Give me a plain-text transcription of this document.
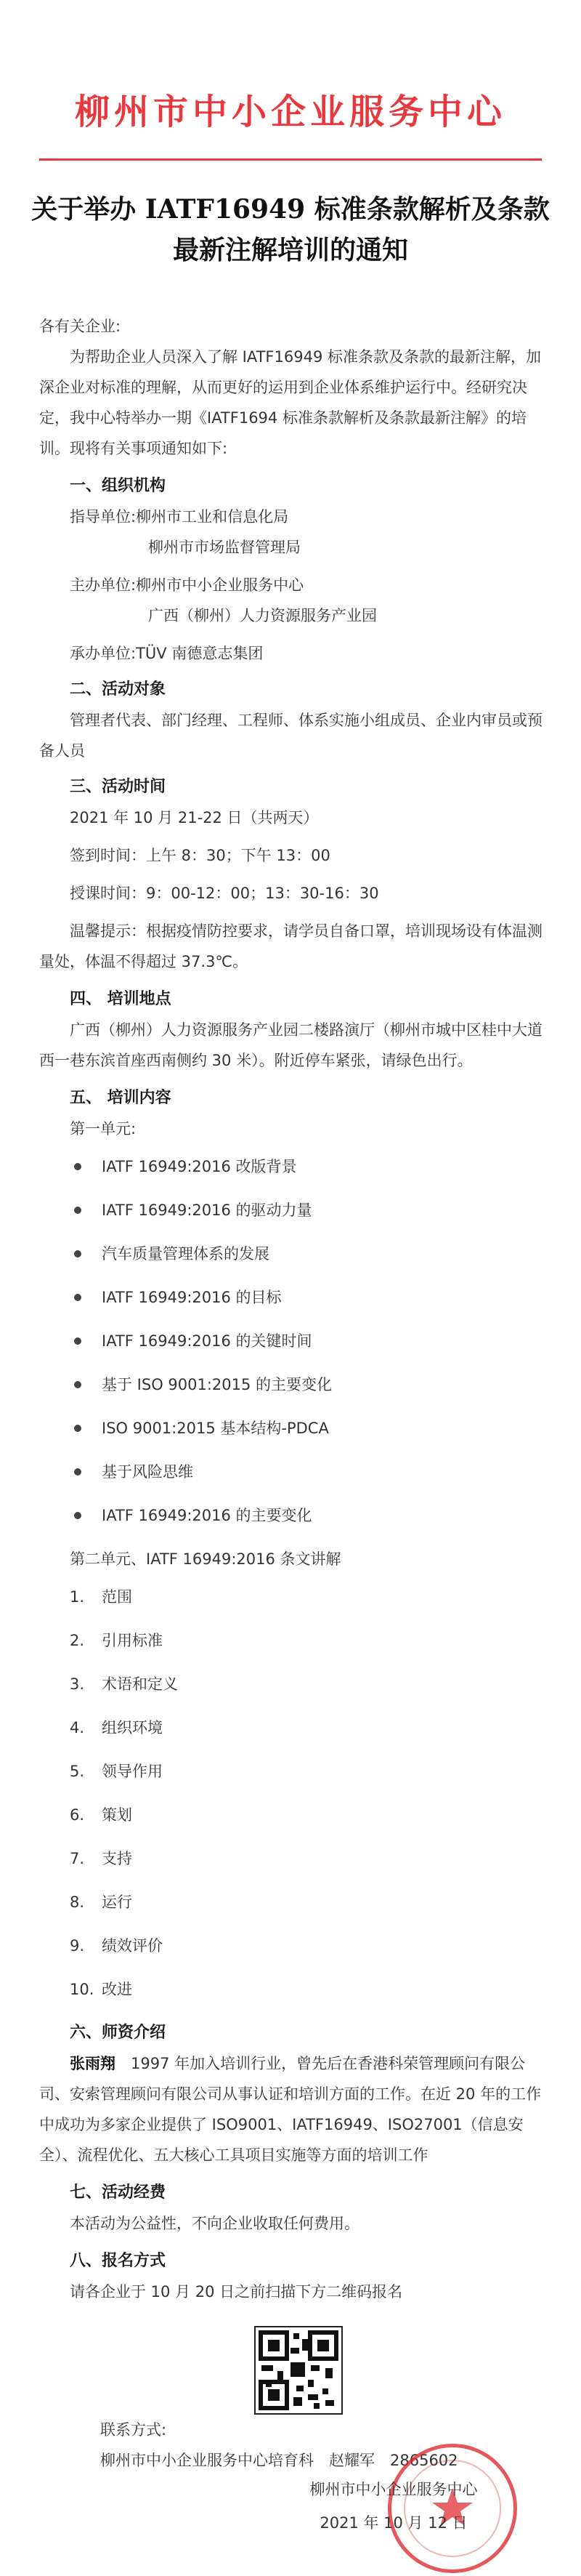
柳州市中小企业服务中心
关于举办 IATF16949 标准条款解析及条款
最新注解培训的通知

各有关企业:

为帮助企业人员深入了解 IATF16949 标准条款及条款的最新注解，加深企业对标准的理解，从而更好的运用到企业体系维护运行中。经研究决定，我中心特举办一期《IATF1694 标准条款解析及条款最新注解》的培训。现将有关事项通知如下:

一、组织机构

指导单位:柳州市工业和信息化局

柳州市市场监督管理局

主办单位:柳州市中小企业服务中心

广西（柳州）人力资源服务产业园

承办单位:TÜV 南德意志集团

二、活动对象

管理者代表、部门经理、工程师、体系实施小组成员、企业内审员或预备人员

三、活动时间

2021 年 10 月 21-22 日（共两天）

签到时间：上午 8：30；下午 13：00

授课时间：9：00-12：00；13：30-16：30

温馨提示：根据疫情防控要求，请学员自备口罩，培训现场设有体温测量处，体温不得超过 37.3℃。

四、 培训地点

广西（柳州）人力资源服务产业园二楼路演厅（柳州市城中区桂中大道西一巷东滨首座西南侧约 30 米）。附近停车紧张，请绿色出行。

五、 培训内容

第一单元:

IATF 16949:2016 改版背景
IATF 16949:2016 的驱动力量
汽车质量管理体系的发展
IATF 16949:2016 的目标
IATF 16949:2016 的关键时间
基于 ISO 9001:2015 的主要变化
ISO 9001:2015 基本结构-PDCA
基于风险思维
IATF 16949:2016 的主要变化

第二单元、IATF 16949:2016 条文讲解

1.	范围
2.	引用标准
3.	术语和定义
4.	组织环境
5.	领导作用
6.	策划
7.	支持
8.	运行
9.	绩效评价
10. 改进

六、师资介绍

张雨翔　 1997 年加入培训行业，曾先后在香港科荣管理顾问有限公司、安索管理顾问有限公司从事认证和培训方面的工作。在近 20 年的工作中成功为多家企业提供了 ISO9001、IATF16949、ISO27001（信息安全）、流程优化、五大核心工具项目实施等方面的培训工作

七、活动经费

本活动为公益性，不向企业收取任何费用。

八、报名方式

请各企业于 10 月 20 日之前扫描下方二维码报名

联系方式:

柳州市中小企业服务中心培育科　赵耀军　2865602

柳州市中小企业服务中心
2021 年 10 月 12 日
